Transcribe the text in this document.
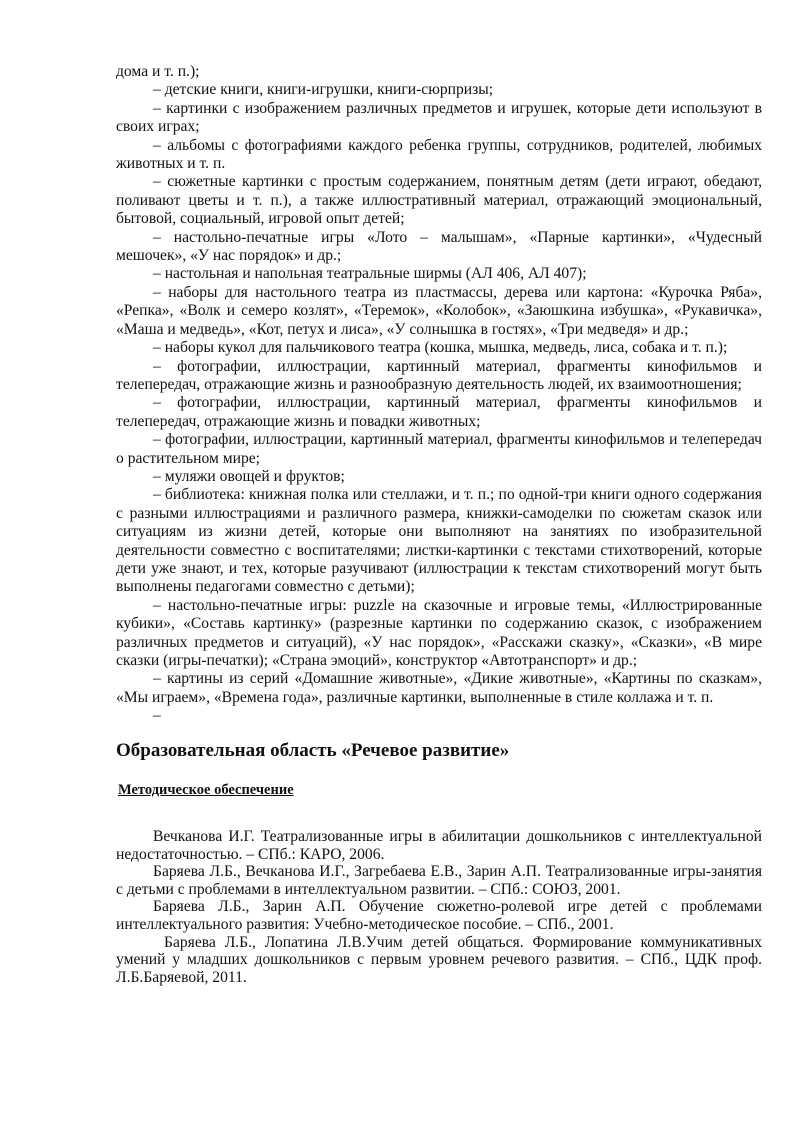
дома и т. п.);

– детские книги, книги-игрушки, книги-сюрпризы;

– картинки с изображением различных предметов и игрушек, которые дети используют в своих играх;

– альбомы с фотографиями каждого ребенка группы, сотрудников, родителей, любимых животных и т. п.

– сюжетные картинки с простым содержанием, понятным детям (дети играют, обедают, поливают цветы и т. п.), а также иллюстративный материал, отражающий эмоциональный, бытовой, социальный, игровой опыт детей;

– настольно-печатные игры «Лото – малышам», «Парные картинки», «Чудесный мешочек», «У нас порядок» и др.;

– настольная и напольная театральные ширмы (АЛ 406, АЛ 407);

– наборы для настольного театра из пластмассы, дерева или картона: «Курочка Ряба», «Репка», «Волк и семеро козлят», «Теремок», «Колобок», «Заюшкина избушка», «Рукавичка», «Маша и медведь», «Кот, петух и лиса», «У солнышка в гостях», «Три медведя» и др.;

– наборы кукол для пальчикового театра (кошка, мышка, медведь, лиса, собака и т. п.);

– фотографии, иллюстрации, картинный материал, фрагменты кинофильмов и телепередач, отражающие жизнь и разнообразную деятельность людей, их взаимоотношения;

– фотографии, иллюстрации, картинный материал, фрагменты кинофильмов и телепередач, отражающие жизнь и повадки животных;

– фотографии, иллюстрации, картинный материал, фрагменты кинофильмов и телепередач о растительном мире;

– муляжи овощей и фруктов;

– библиотека: книжная полка или стеллажи, и т. п.; по одной-три книги одного содержания с разными иллюстрациями и различного размера, книжки-самоделки по сюжетам сказок или ситуациям из жизни детей, которые они выполняют на занятиях по изобразительной деятельности совместно с воспитателями; листки-картинки с текстами стихотворений, которые дети уже знают, и тех, которые разучивают (иллюстрации к текстам стихотворений могут быть выполнены педагогами совместно с детьми);

– настольно-печатные игры: puzzle на сказочные и игровые темы, «Иллюстрированные кубики», «Составь картинку» (разрезные картинки по содержанию сказок, с изображением различных предметов и ситуаций), «У нас порядок», «Расскажи сказку», «Сказки», «В мире сказки (игры-печатки); «Страна эмоций», конструктор «Автотранспорт» и др.;

– картины из серий «Домашние животные», «Дикие животные», «Картины по сказкам», «Мы играем», «Времена года», различные картинки, выполненные в стиле коллажа и т. п.

–

Образовательная область «Речевое развитие»
Методическое обеспечение

Вечканова И.Г. Театрализованные игры в абилитации дошкольников с интеллектуальной недостаточностью. – СПб.: КАРО, 2006.

Баряева Л.Б., Вечканова И.Г., Загребаева Е.В., Зарин А.П. Театрализованные игры-занятия с детьми с проблемами в интеллектуальном развитии. – СПб.: СОЮЗ, 2001.

Баряева Л.Б., Зарин А.П. Обучение сюжетно-ролевой игре детей с проблемами интеллектуального развития: Учебно-методическое пособие. – СПб., 2001.

Баряева Л.Б., Лопатина Л.В.Учим детей общаться. Формирование коммуникативных умений у младших дошкольников с первым уровнем речевого развития. – СПб., ЦДК проф. Л.Б.Баряевой, 2011.
